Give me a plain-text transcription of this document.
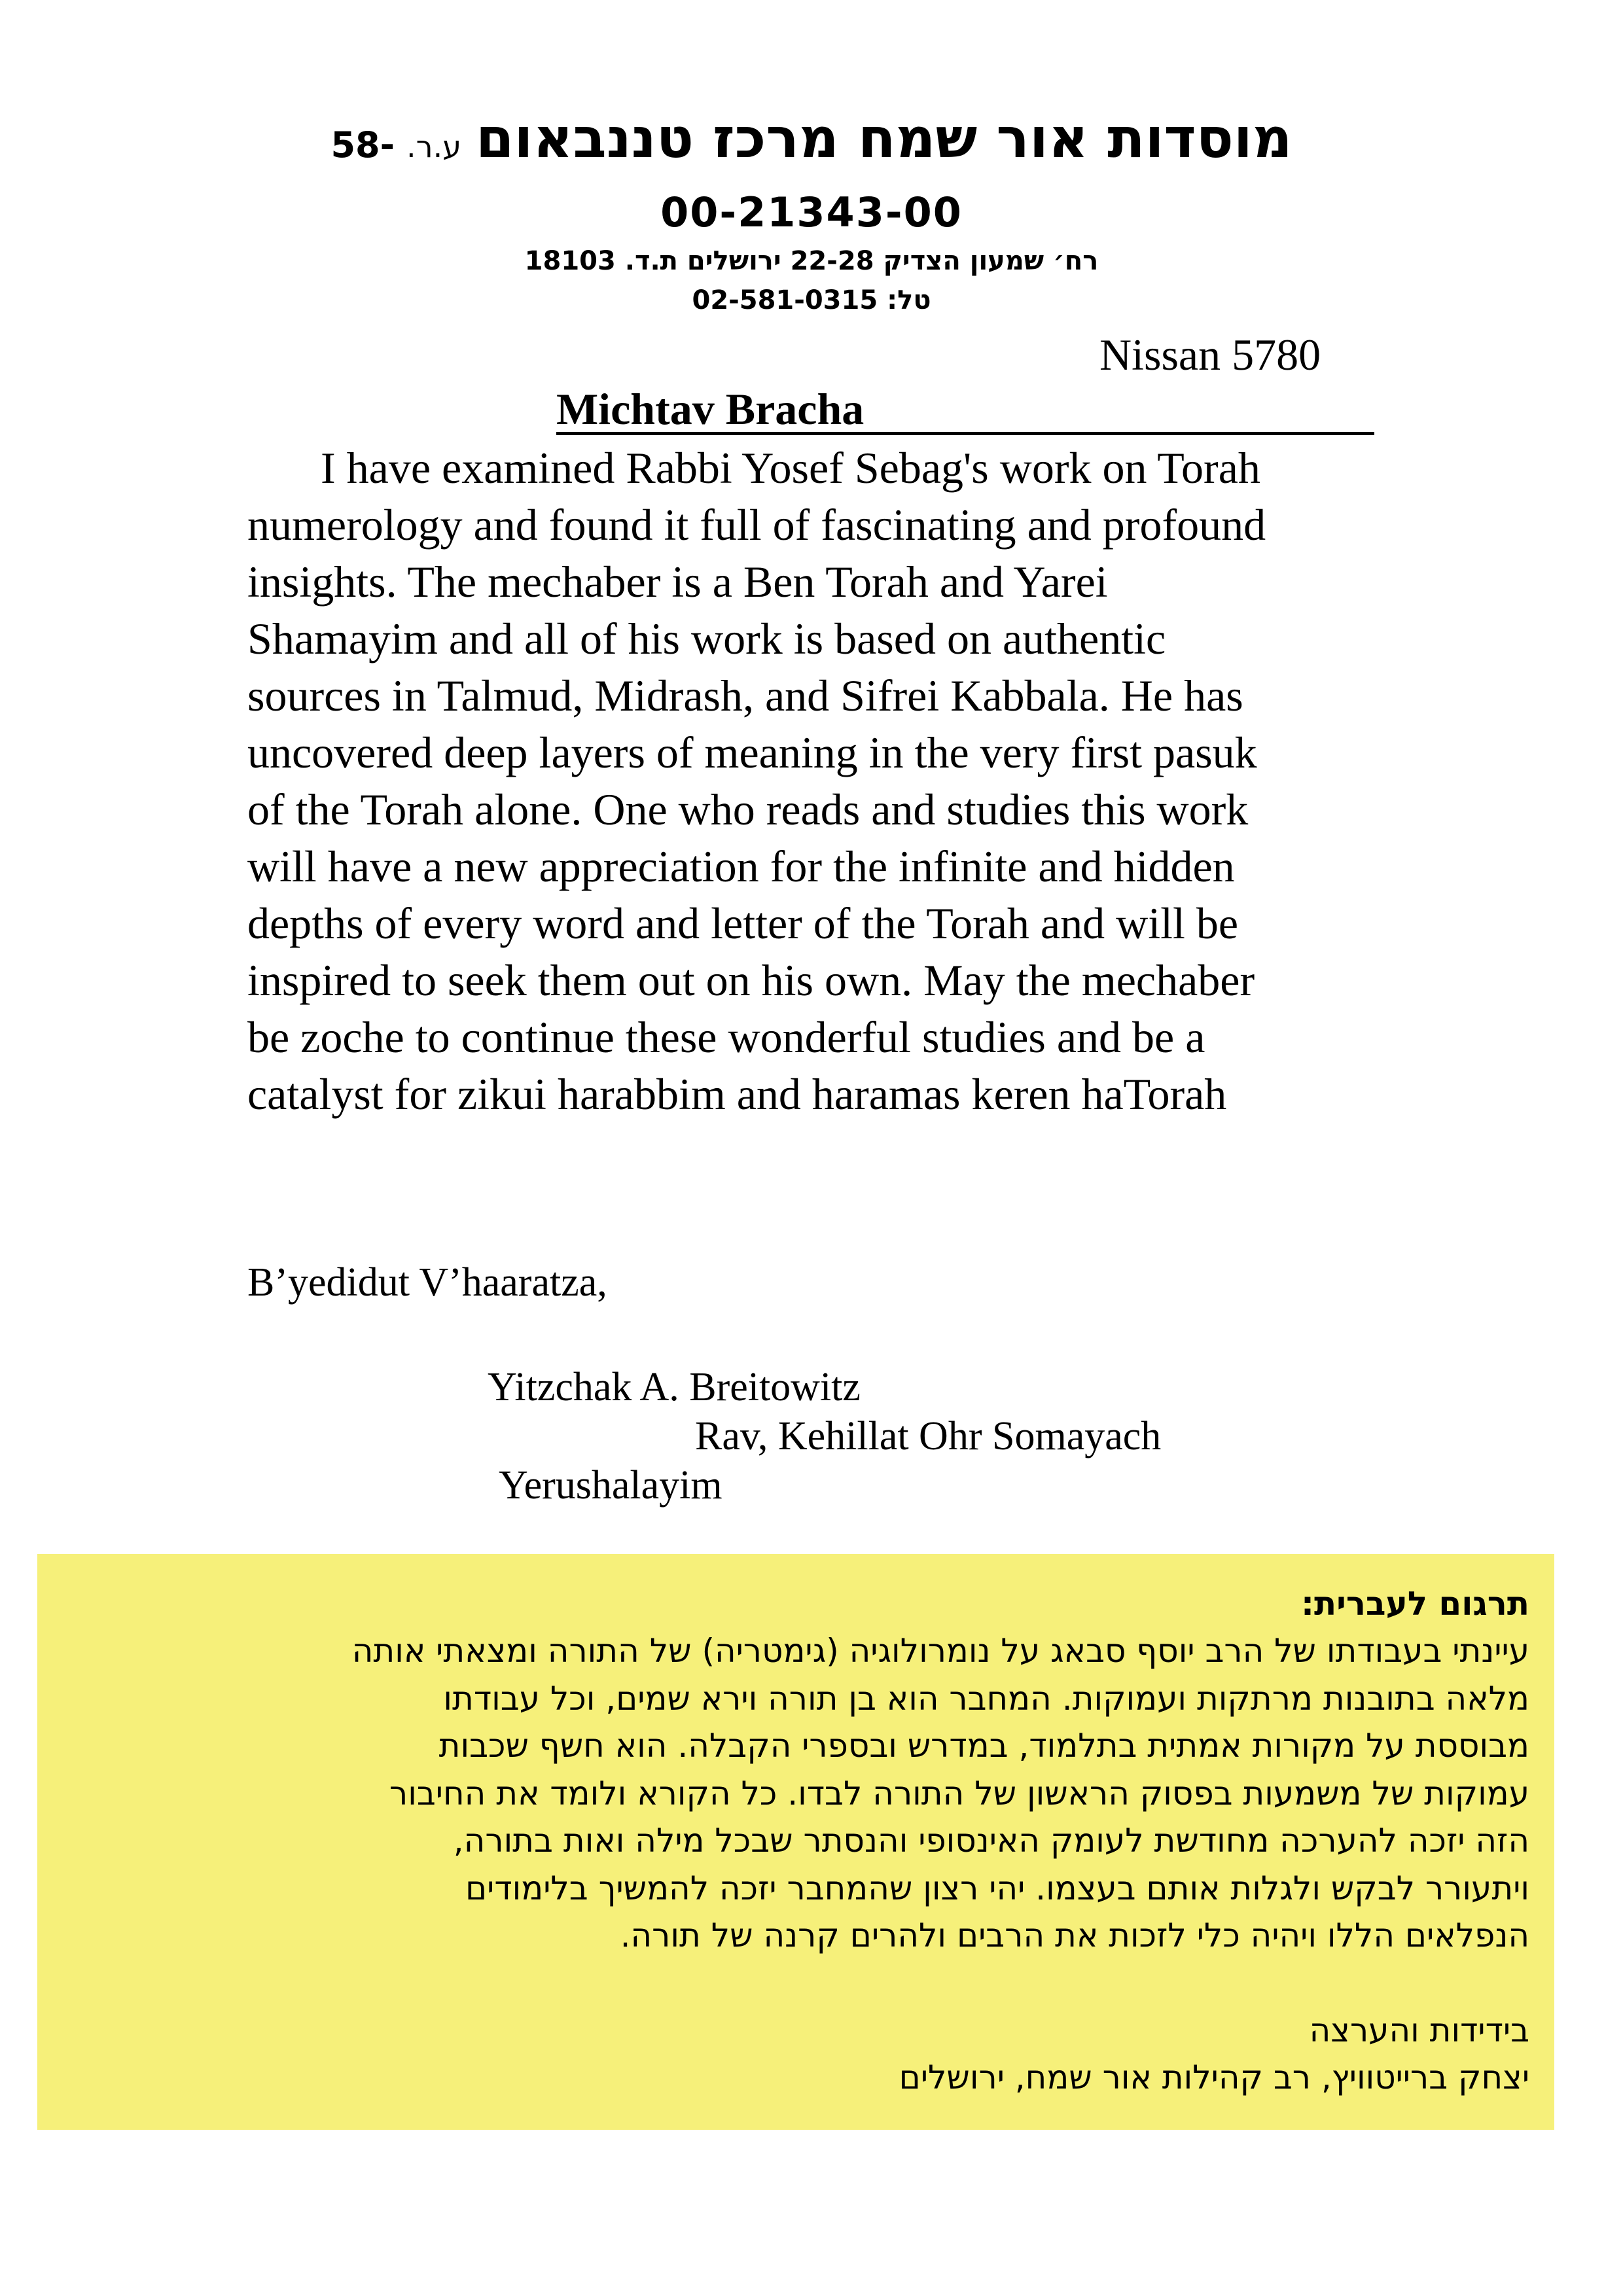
מוסדות אור שמח מרכז טננבאום ע.ר. 58-
00-21343-00
רח׳ שמעון הצדיק 22-28 ירושלים ת.ד. 18103
טל: 02-581-0315
Nissan 5780
Michtav Bracha
I have examined Rabbi Yosef Sebag's work on Torah
numerology and found it full of fascinating and profound
insights. The mechaber is a Ben Torah and Yarei
Shamayim and all of his work is based on authentic
sources in Talmud, Midrash, and Sifrei Kabbala. He has
uncovered deep layers of meaning in the very first pasuk
of the Torah alone. One who reads and studies this work
will have a new appreciation for the infinite and hidden
depths of every word and letter of the Torah and will be
inspired to seek them out on his own. May the mechaber
be zoche to continue these wonderful studies and be a
catalyst for zikui harabbim and haramas keren haTorah
B’yedidut V’haaratza,
Yitzchak A. Breitowitz
Rav, Kehillat Ohr Somayach
Yerushalayim
תרגום לעברית:
עיינתי בעבודתו של הרב יוסף סבאג על נומרולוגיה (גימטריה) של התורה ומצאתי אותה
מלאה בתובנות מרתקות ועמוקות. המחבר הוא בן תורה וירא שמים, וכל עבודתו
מבוססת על מקורות אמתית בתלמוד, במדרש ובספרי הקבלה. הוא חשף שכבות
עמוקות של משמעות בפסוק הראשון של התורה לבדו. כל הקורא ולומד את החיבור
הזה יזכה להערכה מחודשת לעומק האינסופי והנסתר שבכל מילה ואות בתורה,
ויתעורר לבקש ולגלות אותם בעצמו. יהי רצון שהמחבר יזכה להמשיך בלימודים
הנפלאים הללו ויהיה כלי לזכות את הרבים ולהרים קרנה של תורה.
בידידות והערצה
יצחק ברייטוויץ, רב קהילות אור שמח, ירושלים
